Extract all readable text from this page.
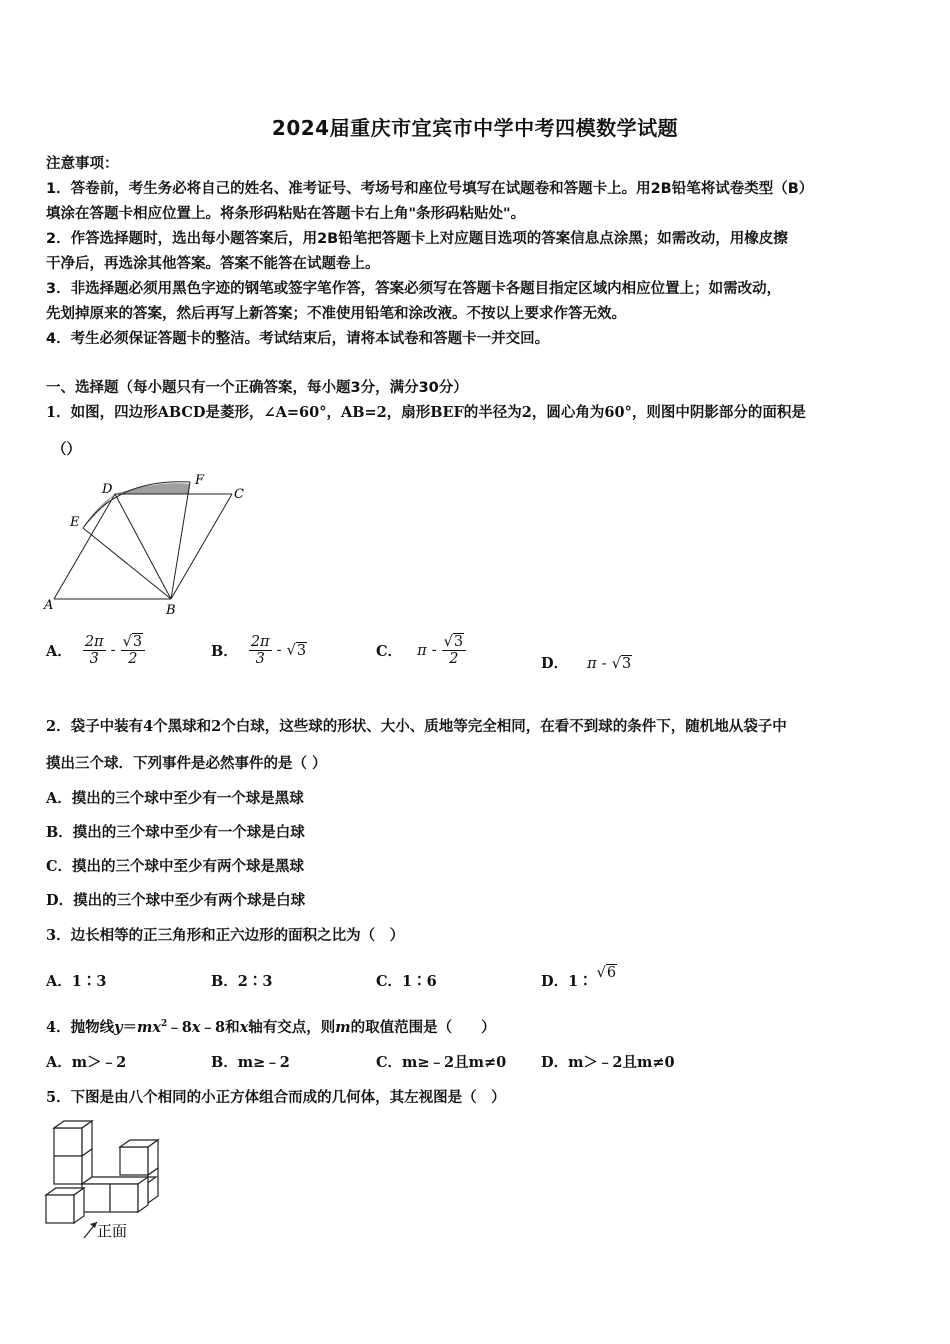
2024届重庆市宜宾市中学中考四模数学试题
注意事项：
1．答卷前，考生务必将自己的姓名、准考证号、考场号和座位号填写在试题卷和答题卡上。用2B铅笔将试卷类型（B）
填涂在答题卡相应位置上。将条形码粘贴在答题卡右上角"条形码粘贴处"。
2．作答选择题时，选出每小题答案后，用2B铅笔把答题卡上对应题目选项的答案信息点涂黑；如需改动，用橡皮擦
干净后，再选涂其他答案。答案不能答在试题卷上。
3．非选择题必须用黑色字迹的钢笔或签字笔作答，答案必须写在答题卡各题目指定区域内相应位置上；如需改动，
先划掉原来的答案，然后再写上新答案；不准使用铅笔和涂改液。不按以上要求作答无效。
4．考生必须保证答题卡的整洁。考试结束后，请将本试卷和答题卡一并交回。
一、选择题（每小题只有一个正确答案，每小题3分，满分30分）
1．如图，四边形ABCD是菱形，∠A=60°，AB=2，扇形BEF的半径为2，圆心角为60°，则图中阴影部分的面积是
（）
A	B
C
D
E
F
A． $\frac{2\pi}{3} - \frac{√3}{2}$	B． $\frac{2\pi}{3} - √3$	C． π - $\frac{√3}{2}$	D． π - √3
2．袋子中装有4个黑球和2个白球，这些球的形状、大小、质地等完全相同，在看不到球的条件下，随机地从袋子中
摸出三个球．下列事件是必然事件的是（ ）
A．摸出的三个球中至少有一个球是黑球
B．摸出的三个球中至少有一个球是白球
C．摸出的三个球中至少有两个球是黑球
D．摸出的三个球中至少有两个球是白球
3．边长相等的正三角形和正六边形的面积之比为（　）
A．1∶3	B．2∶3	C．1∶6	D．1∶ √6
4．抛物线$y=mx^2﹣8x﹣8$和x轴有交点，则m的取值范围是（　　）
A．m＞﹣2	B．m≥﹣2	C．m≥﹣2且m≠0 D．m＞﹣2且m≠0
5．下图是由八个相同的小正方体组合而成的几何体，其左视图是（　）
正面
